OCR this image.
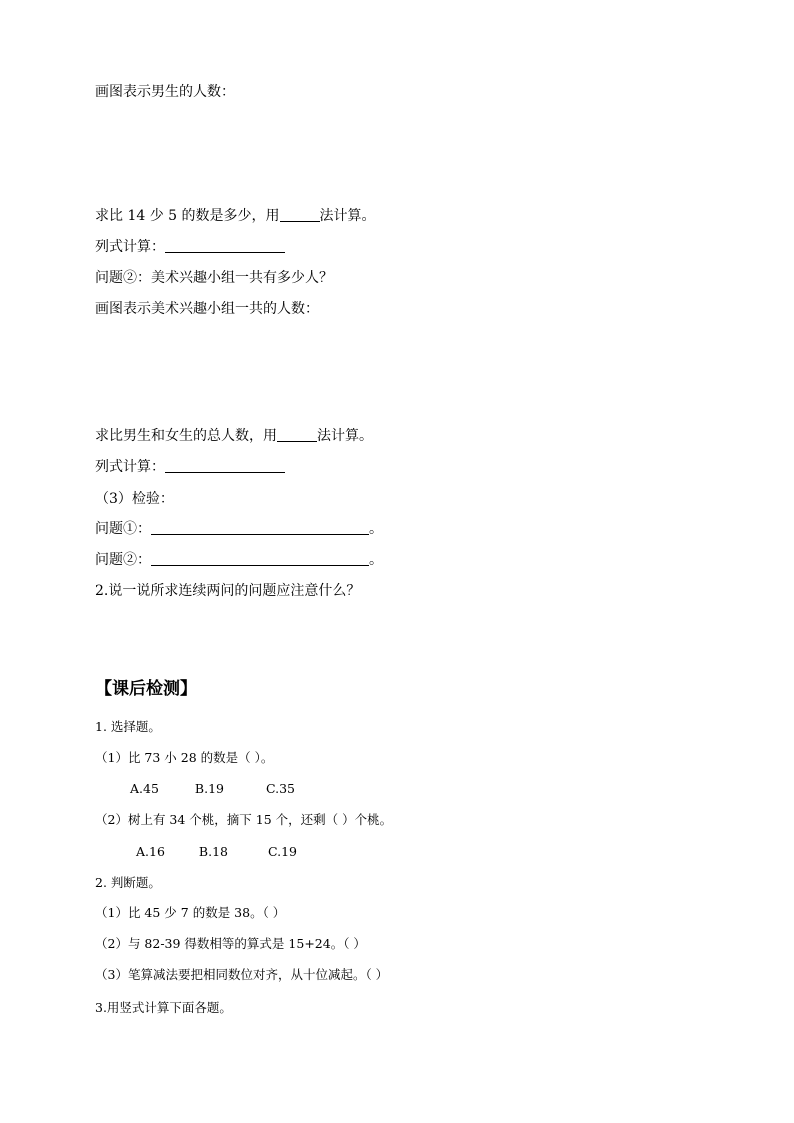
画图表示男生的人数：
求比 14 少 5 的数是多少，用	法计算。
列式计算：
问题②：美术兴趣小组一共有多少人？
画图表示美术兴趣小组一共的人数：
求比男生和女生的总人数，用	法计算。
列式计算：
（3）检验：
问题①：	。
问题②：	。
2.说一说所求连续两问的问题应注意什么？
【课后检测】
1. 选择题。
（1）比 73 小 28 的数是（ ）。
A.45	B.19	C.35
（2）树上有 34 个桃，摘下 15 个，还剩（ ）个桃。
A.16	B.18	C.19
2. 判断题。
（1）比 45 少 7 的数是 38。（ ）
（2）与 82-39 得数相等的算式是 15+24。（ ）
（3）笔算减法要把相同数位对齐，从十位减起。（ ）
3.用竖式计算下面各题。
